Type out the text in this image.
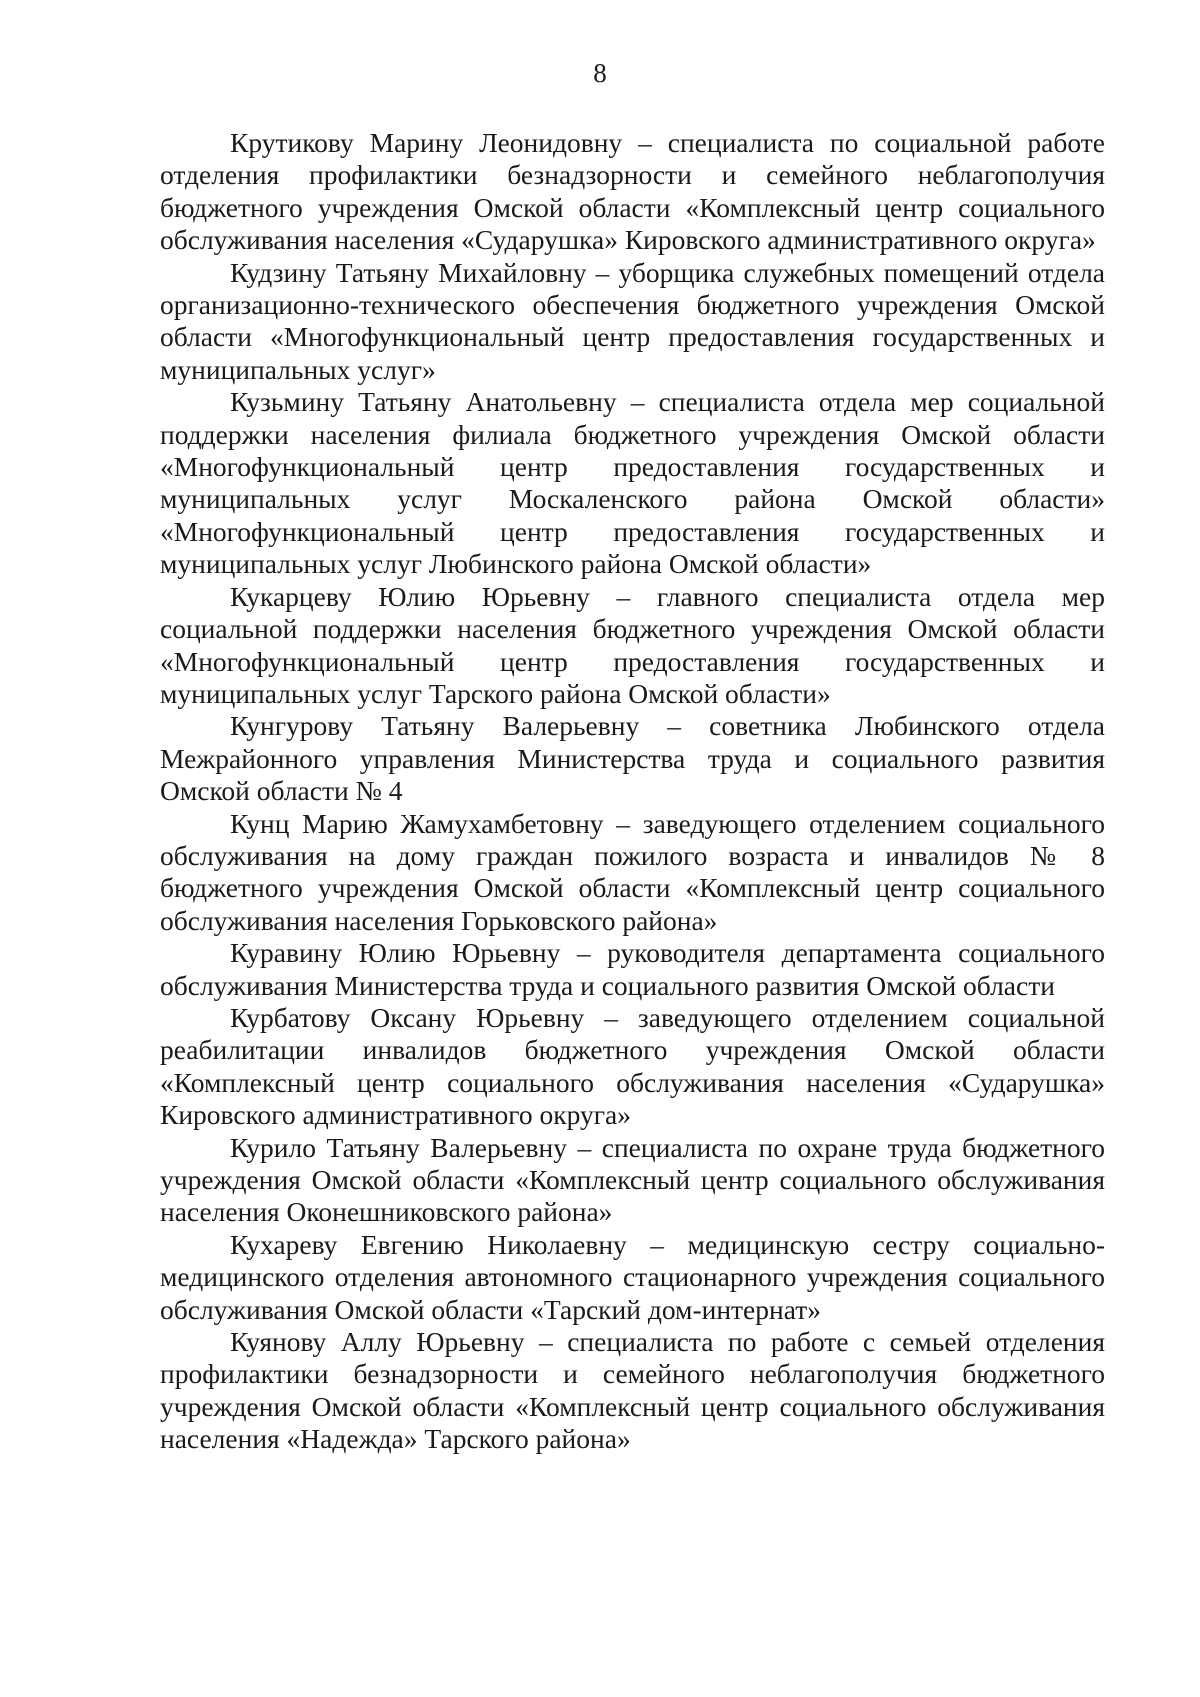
8

Крутикову Марину Леонидовну – специалиста по социальной работе отделения профилактики безнадзорности и семейного неблагополучия бюджетного учреждения Омской области «Комплексный центр социального обслуживания населения «Сударушка» Кировского административного округа»

Кудзину Татьяну Михайловну – уборщика служебных помещений отдела организационно-технического обеспечения бюджетного учреждения Омской области «Многофункциональный центр предоставления государственных и муниципальных услуг»

Кузьмину Татьяну Анатольевну – специалиста отдела мер социальной поддержки населения филиала бюджетного учреждения Омской области «Многофункциональный центр предоставления государственных и муниципальных услуг Москаленского района Омской области» «Многофункциональный центр предоставления государственных и муниципальных услуг Любинского района Омской области»

Кукарцеву Юлию Юрьевну – главного специалиста отдела мер социальной поддержки населения бюджетного учреждения Омской области «Многофункциональный центр предоставления государственных и муниципальных услуг Тарского района Омской области»

Кунгурову Татьяну Валерьевну – советника Любинского отдела Межрайонного управления Министерства труда и социального развития Омской области № 4

Кунц Марию Жамухамбетовну – заведующего отделением социального обслуживания на дому граждан пожилого возраста и инвалидов № 8 бюджетного учреждения Омской области «Комплексный центр социального обслуживания населения Горьковского района»

Куравину Юлию Юрьевну – руководителя департамента социального обслуживания Министерства труда и социального развития Омской области

Курбатову Оксану Юрьевну – заведующего отделением социальной реабилитации инвалидов бюджетного учреждения Омской области «Комплексный центр социального обслуживания населения «Сударушка» Кировского административного округа»

Курило Татьяну Валерьевну – специалиста по охране труда бюджетного учреждения Омской области «Комплексный центр социального обслуживания населения Оконешниковского района»

Кухареву Евгению Николаевну – медицинскую сестру социально-медицинского отделения автономного стационарного учреждения социального обслуживания Омской области «Тарский дом-интернат»

Куянову Аллу Юрьевну – специалиста по работе с семьей отделения профилактики безнадзорности и семейного неблагополучия бюджетного учреждения Омской области «Комплексный центр социального обслуживания населения «Надежда» Тарского района»
